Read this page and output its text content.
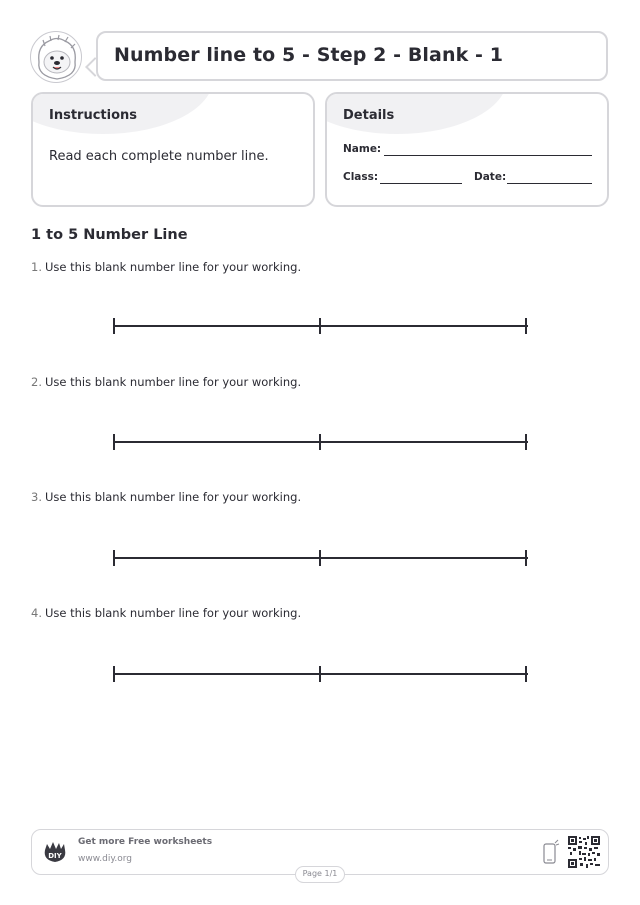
Number line to 5 - Step 2 - Blank - 1
Instructions
Read each complete number line.
Details
Name:
Class:	Date:
1 to 5 Number Line
1. Use this blank number line for your working.
2. Use this blank number line for your working.
3. Use this blank number line for your working.
4. Use this blank number line for your working.
DIY
Get more Free worksheets
www.diy.org
Page 1/1
